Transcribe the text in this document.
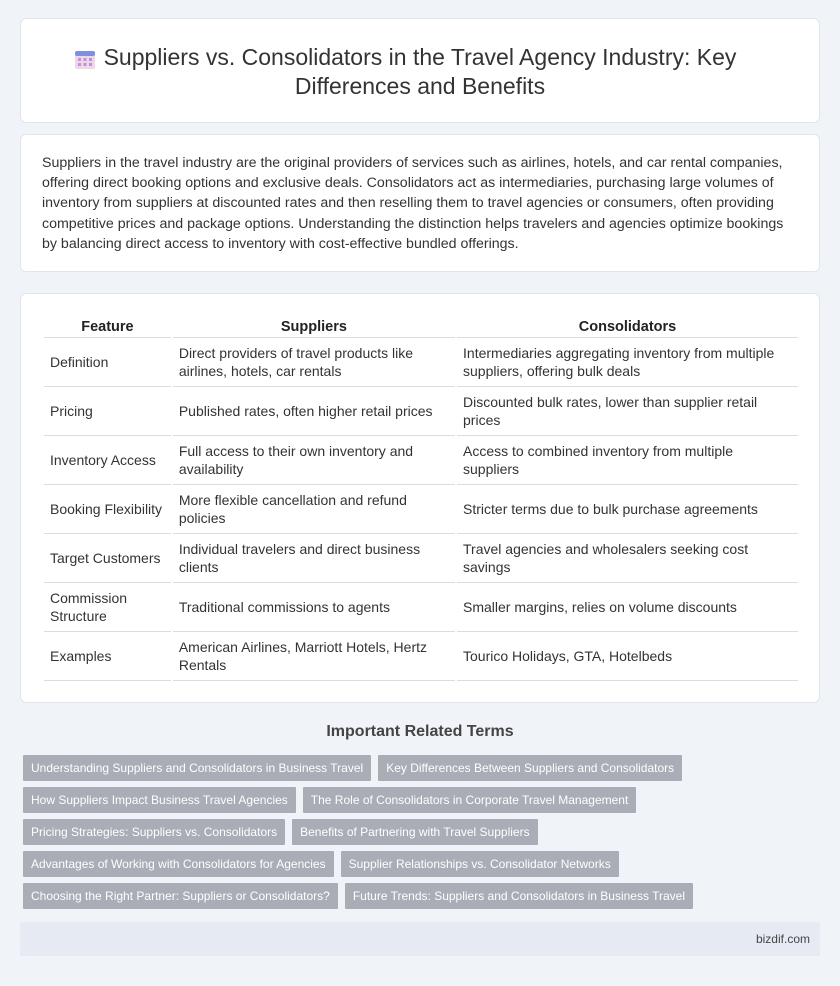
Suppliers vs. Consolidators in the Travel Agency Industry: Key Differences and Benefits

Suppliers in the travel industry are the original providers of services such as airlines, hotels, and car rental companies, offering direct booking options and exclusive deals. Consolidators act as intermediaries, purchasing large volumes of inventory from suppliers at discounted rates and then reselling them to travel agencies or consumers, often providing competitive prices and package options. Understanding the distinction helps travelers and agencies optimize bookings by balancing direct access to inventory with cost-effective bundled offerings.

Feature	Suppliers	Consolidators
Definition	Direct providers of travel products like airlines, hotels, car rentals	Intermediaries aggregating inventory from multiple suppliers, offering bulk deals
Pricing	Published rates, often higher retail prices	Discounted bulk rates, lower than supplier retail prices
Inventory Access	Full access to their own inventory and availability	Access to combined inventory from multiple suppliers
Booking Flexibility	More flexible cancellation and refund policies	Stricter terms due to bulk purchase agreements
Target Customers	Individual travelers and direct business clients	Travel agencies and wholesalers seeking cost savings
Commission Structure	Traditional commissions to agents	Smaller margins, relies on volume discounts
Examples	American Airlines, Marriott Hotels, Hertz Rentals	Tourico Holidays, GTA, Hotelbeds
Important Related Terms
Understanding Suppliers and Consolidators in Business Travel	Key Differences Between Suppliers and Consolidators
How Suppliers Impact Business Travel Agencies	The Role of Consolidators in Corporate Travel Management
Pricing Strategies: Suppliers vs. Consolidators	Benefits of Partnering with Travel Suppliers
Advantages of Working with Consolidators for Agencies	Supplier Relationships vs. Consolidator Networks
Choosing the Right Partner: Suppliers or Consolidators?	Future Trends: Suppliers and Consolidators in Business Travel
bizdif.com
